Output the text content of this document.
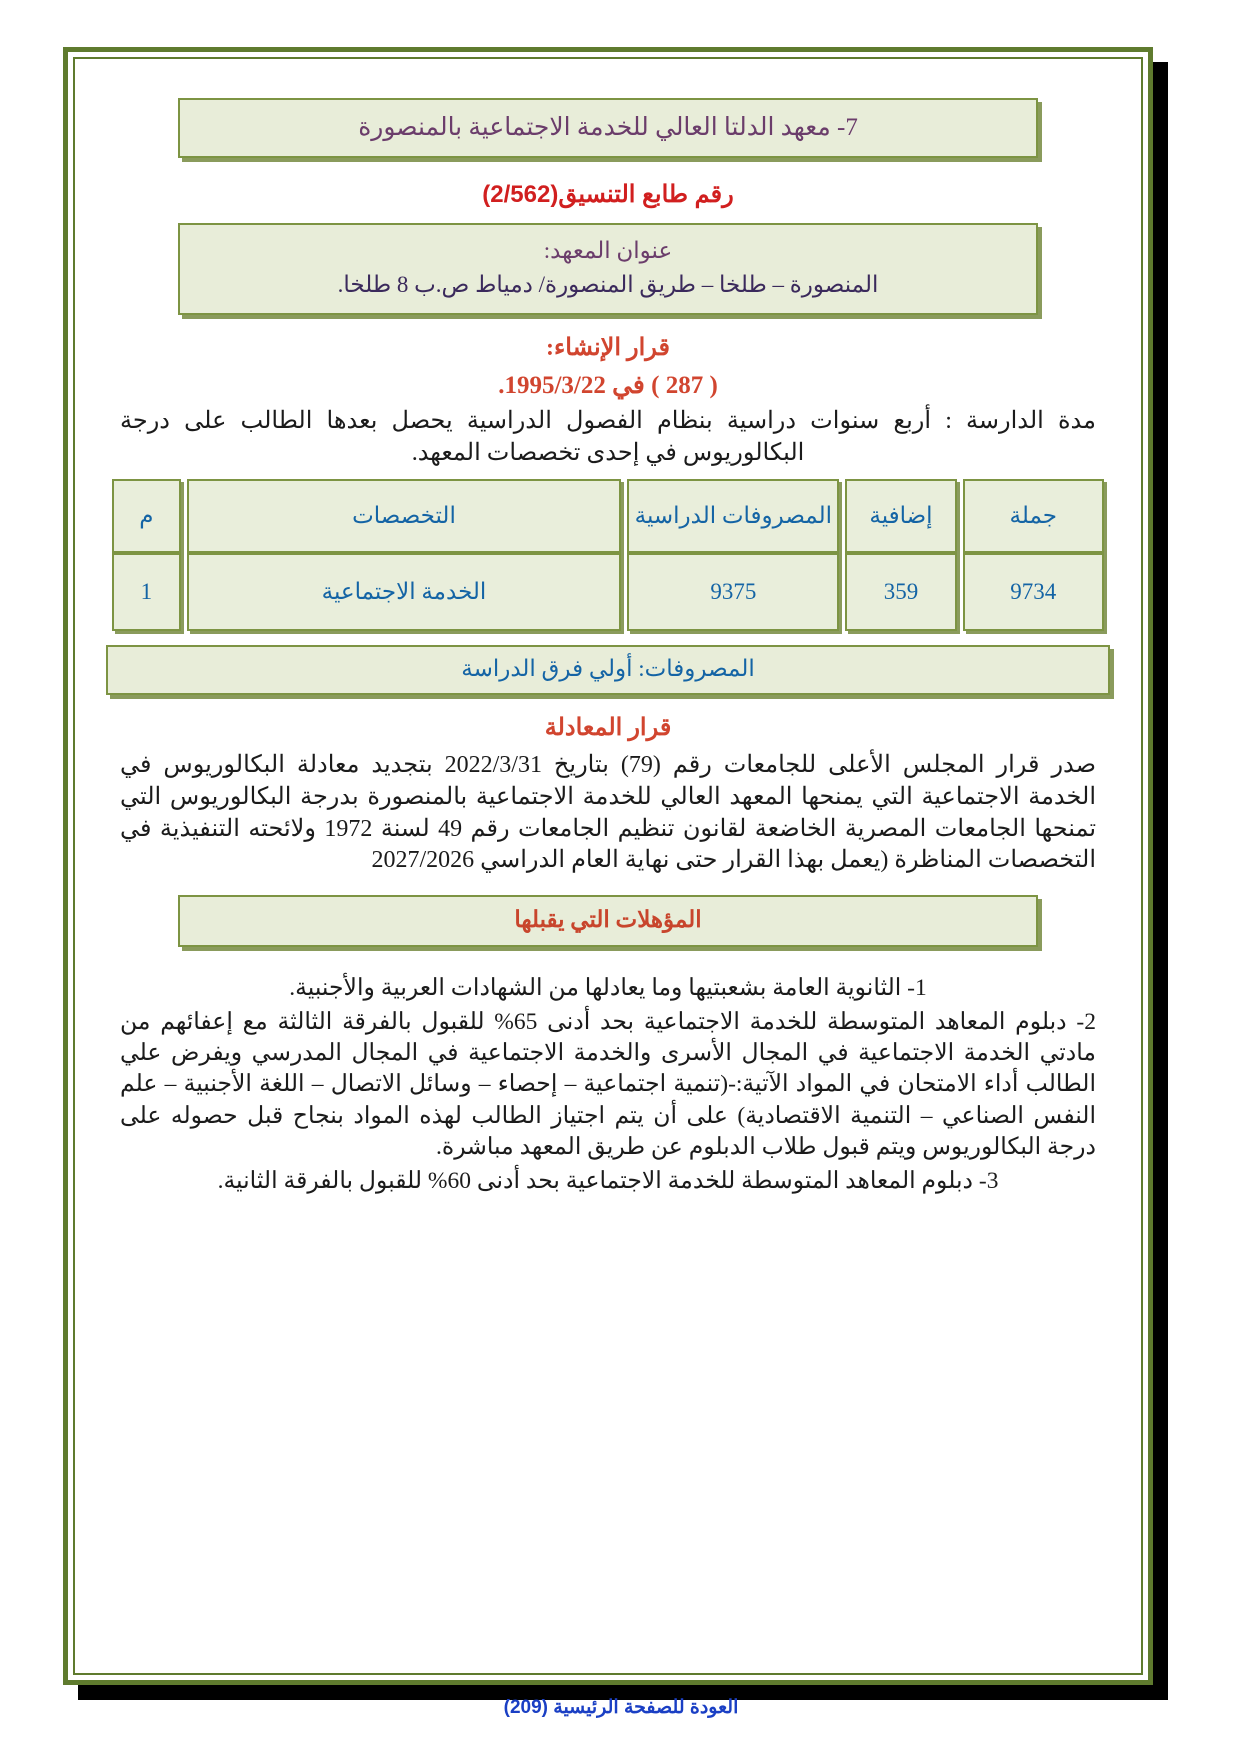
7- معهد الدلتا العالي للخدمة الاجتماعية بالمنصورة
رقم طابع التنسيق(2/562)
عنوان المعهد:
المنصورة – طلخا – طريق المنصورة/ دمياط ص.ب 8 طلخا.
قرار الإنشاء:
( 287 ) في 1995/3/22.
مدة الدارسة : أربع سنوات دراسية بنظام الفصول الدراسية يحصل بعدها الطالب على درجة البكالوريوس في إحدى تخصصات المعهد.
جملة	إضافية	المصروفات الدراسية	التخصصات	م
9734	359	9375	الخدمة الاجتماعية	1
المصروفات: أولي فرق الدراسة
قرار المعادلة
صدر قرار المجلس الأعلى للجامعات رقم (79) بتاريخ 2022/3/31 بتجديد معادلة البكالوريوس في الخدمة الاجتماعية التي يمنحها المعهد العالي للخدمة الاجتماعية بالمنصورة بدرجة البكالوريوس التي تمنحها الجامعات المصرية الخاضعة لقانون تنظيم الجامعات رقم 49 لسنة 1972 ولائحته التنفيذية في التخصصات المناظرة (يعمل بهذا القرار حتى نهاية العام الدراسي 2027/2026
المؤهلات التي يقبلها
1- الثانوية العامة بشعبتيها وما يعادلها من الشهادات العربية والأجنبية.
2- دبلوم المعاهد المتوسطة للخدمة الاجتماعية بحد أدنى 65% للقبول بالفرقة الثالثة مع إعفائهم من مادتي الخدمة الاجتماعية في المجال الأسرى والخدمة الاجتماعية في المجال المدرسي ويفرض علي الطالب أداء الامتحان في المواد الآتية:-(تنمية اجتماعية – إحصاء – وسائل الاتصال – اللغة الأجنبية – علم النفس الصناعي – التنمية الاقتصادية) على أن يتم اجتياز الطالب لهذه المواد بنجاح قبل حصوله على درجة البكالوريوس ويتم قبول طلاب الدبلوم عن طريق المعهد مباشرة.
3- دبلوم المعاهد المتوسطة للخدمة الاجتماعية بحد أدنى 60% للقبول بالفرقة الثانية.
العودة للصفحة الرئيسية (209)
